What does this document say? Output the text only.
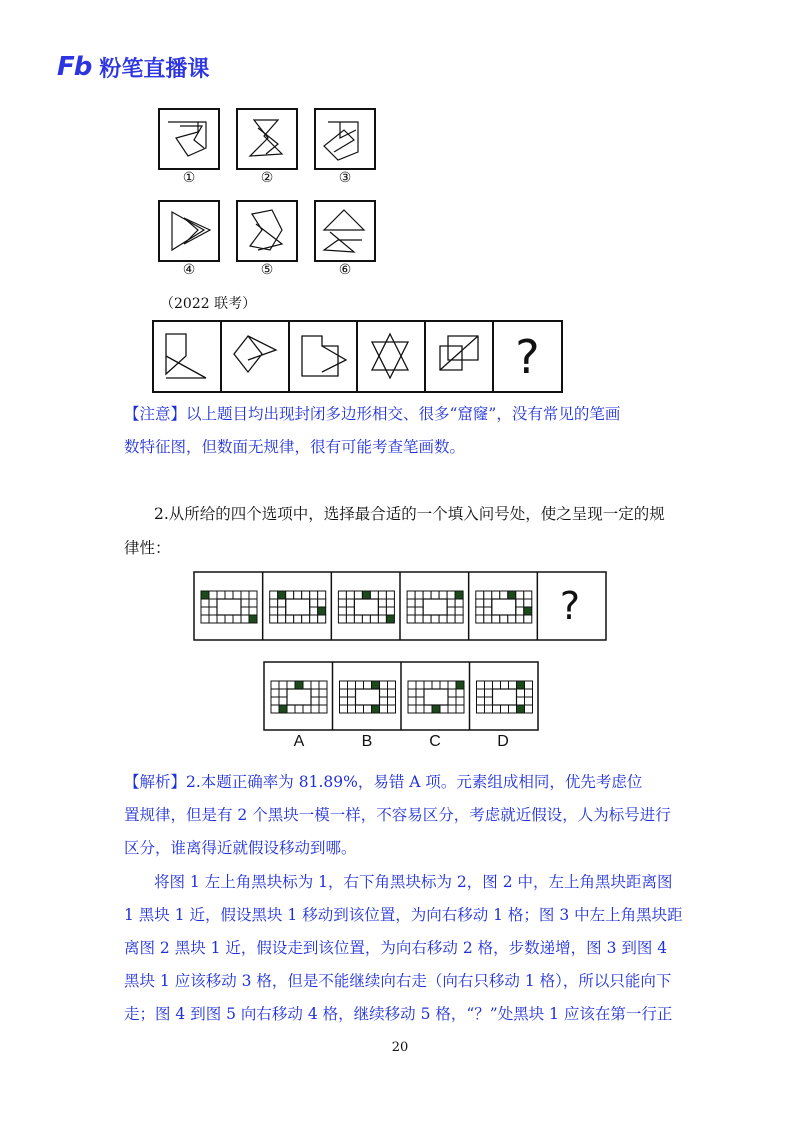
Fb 粉笔直播课
①	②	③
④	⑤	⑥
（2022 联考）
?
【注意】以上题目均出现封闭多边形相交、很多“窟窿”，没有常见的笔画
数特征图，但数面无规律，很有可能考查笔画数。
2.从所给的四个选项中，选择最合适的一个填入问号处，使之呈现一定的规
律性：
?
A	B	C	D
【解析】2.本题正确率为 81.89%，易错 A 项。元素组成相同，优先考虑位
置规律，但是有 2 个黑块一模一样，不容易区分，考虑就近假设，人为标号进行
区分，谁离得近就假设移动到哪。
将图 1 左上角黑块标为 1，右下角黑块标为 2，图 2 中，左上角黑块距离图
1 黑块 1 近，假设黑块 1 移动到该位置，为向右移动 1 格；图 3 中左上角黑块距
离图 2 黑块 1 近，假设走到该位置，为向右移动 2 格，步数递增，图 3 到图 4
黑块 1 应该移动 3 格，但是不能继续向右走（向右只移动 1 格），所以只能向下
走；图 4 到图 5 向右移动 4 格，继续移动 5 格，“？”处黑块 1 应该在第一行正
20
